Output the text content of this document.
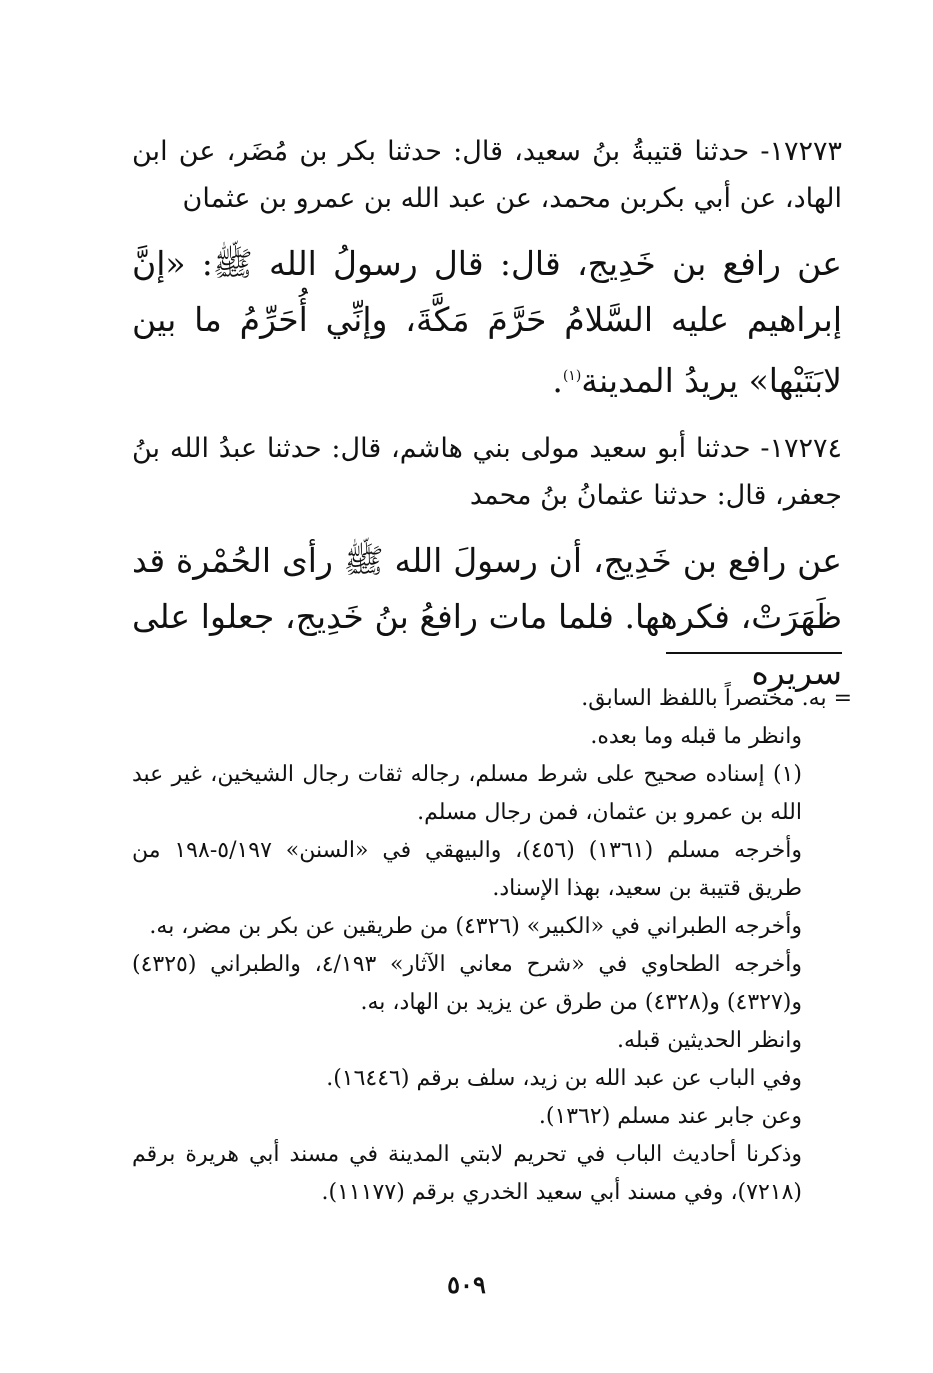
١٧٢٧٣- حدثنا قتيبةُ بنُ سعيد، قال: حدثنا بكر بن مُضَر، عن ابن الهاد، عن أبي بكربن محمد، عن عبد الله بن عمرو بن عثمان

عن رافع بن خَدِيج، قال: قال رسولُ الله ﷺ: «إنَّ إبراهيم عليه السَّلامُ حَرَّمَ مَكَّةَ، وإنِّي أُحَرِّمُ ما بين لابَتَيْها» يريدُ المدينة$^{(١)}$.

١٧٢٧٤- حدثنا أبو سعيد مولى بني هاشم، قال: حدثنا عبدُ الله بنُ جعفر، قال: حدثنا عثمانُ بنُ محمد

عن رافع بن خَدِيج، أن رسولَ الله ﷺ رأى الحُمْرة قد ظَهَرَتْ، فكرهها. فلما مات رافعُ بنُ خَدِيج، جعلوا على سريره

= به. مختصراً باللفظ السابق.

وانظر ما قبله وما بعده.

(١) إسناده صحيح على شرط مسلم، رجاله ثقات رجال الشيخين، غير عبد الله بن عمرو بن عثمان، فمن رجال مسلم.

وأخرجه مسلم (١٣٦١) (٤٥٦)، والبيهقي في «السنن» ٥/١٩٧-١٩٨ من طريق قتيبة بن سعيد، بهذا الإسناد.

وأخرجه الطبراني في «الكبير» (٤٣٢٦) من طريقين عن بكر بن مضر، به.

وأخرجه الطحاوي في «شرح معاني الآثار» ٤/١٩٣، والطبراني (٤٣٢٥) و(٤٣٢٧) و(٤٣٢٨) من طرق عن يزيد بن الهاد، به.

وانظر الحديثين قبله.

وفي الباب عن عبد الله بن زيد، سلف برقم (١٦٤٤٦).

وعن جابر عند مسلم (١٣٦٢).

وذكرنا أحاديث الباب في تحريم لابتي المدينة في مسند أبي هريرة برقم (٧٢١٨)، وفي مسند أبي سعيد الخدري برقم (١١١٧٧).

٥٠٩
